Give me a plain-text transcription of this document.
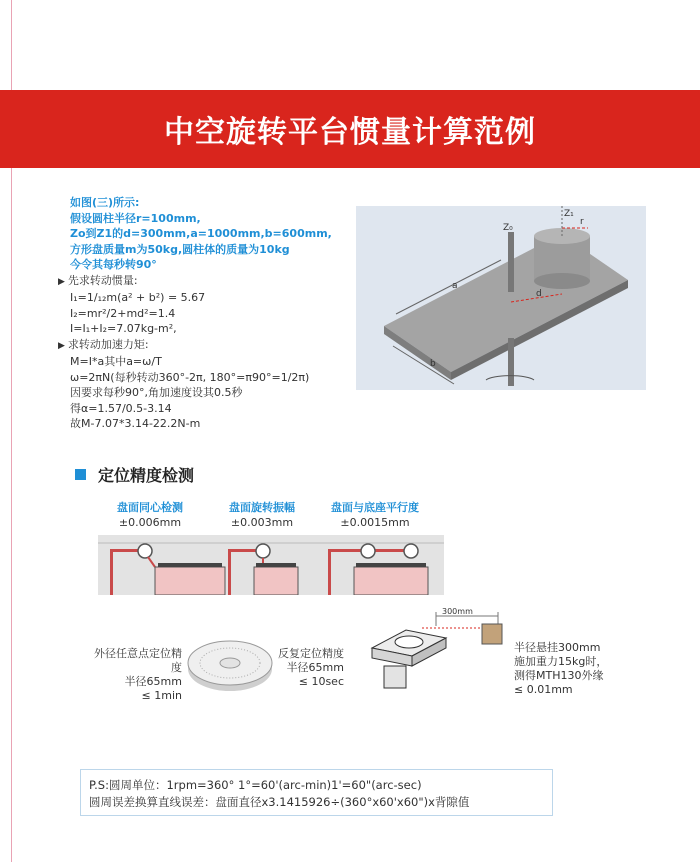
中空旋转平台惯量计算范例
如图(三)所示:
假设圆柱半径r=100mm,
Zo到Z1的d=300mm,a=1000mm,b=600mm,
方形盘质量m为50kg,圆柱体的质量为10kg
今令其每秒转90°
▶ 先求转动惯量:
I₁=1/₁₂m(a² + b²) = 5.67
I₂=mr²/2+md²=1.4
I=I₁+I₂=7.07kg-m²,
▶ 求转动加速力矩:
M=I*a其中a=ω/T
ω=2πN(每秒转动360°-2π, 180°=π90°=1/2π)
因要求每秒90°,角加速度设其0.5秒
得α=1.57/0.5-3.14
故M-7.07*3.14-22.2N-m
Z₀
Z₁
r
a
b
d
定位精度检测
盘面同心检测
±0.006mm
盘面旋转振幅
±0.003mm
盘面与底座平行度
±0.0015mm
外径任意点定位精度
半径65mm
≤ 1min
反复定位精度
半径65mm
≤ 10sec
300mm
半径悬挂300mm
施加重力15kg时，
测得MTH130外缘
≤ 0.01mm
P.S:圆周单位：1rpm=360° 1°=60'(arc-min)1'=60"(arc-sec)
圆周误差换算直线误差：盘面直径x3.1415926÷(360°x60'x60")x背隙值
